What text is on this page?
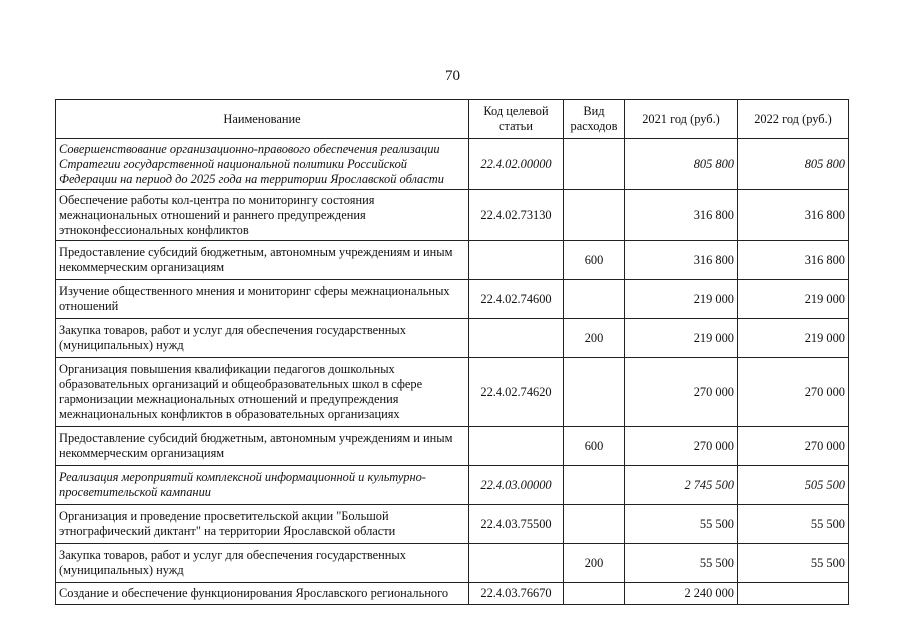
70
Наименование	Код целевой статьи	Вид расходов	2021 год (руб.)	2022 год (руб.)
Совершенствование организационно-правового обеспечения реализации Стратегии государственной национальной политики Российской Федерации на период до 2025 года на территории Ярославской области	22.4.02.00000		805 800	805 800
Обеспечение работы кол-центра по мониторингу состояния межнациональных отношений и раннего предупреждения этноконфессиональных конфликтов	22.4.02.73130		316 800	316 800
Предоставление субсидий бюджетным, автономным учреждениям и иным некоммерческим организациям		600	316 800	316 800
Изучение общественного мнения и мониторинг сферы межнациональных отношений	22.4.02.74600		219 000	219 000
Закупка товаров, работ и услуг для обеспечения государственных (муниципальных) нужд		200	219 000	219 000
Организация повышения квалификации педагогов дошкольных образовательных организаций и общеобразовательных школ в сфере гармонизации межнациональных отношений и предупреждения межнациональных конфликтов в образовательных организациях	22.4.02.74620		270 000	270 000
Предоставление субсидий бюджетным, автономным учреждениям и иным некоммерческим организациям		600	270 000	270 000
Реализация мероприятий комплексной информационной и культурно-просветительской кампании	22.4.03.00000		2 745 500	505 500
Организация и проведение просветительской акции "Большой этнографический диктант" на территории Ярославской области	22.4.03.75500		55 500	55 500
Закупка товаров, работ и услуг для обеспечения государственных (муниципальных) нужд		200	55 500	55 500
Создание и обеспечение функционирования Ярославского регионального	22.4.03.76670		2 240 000	
